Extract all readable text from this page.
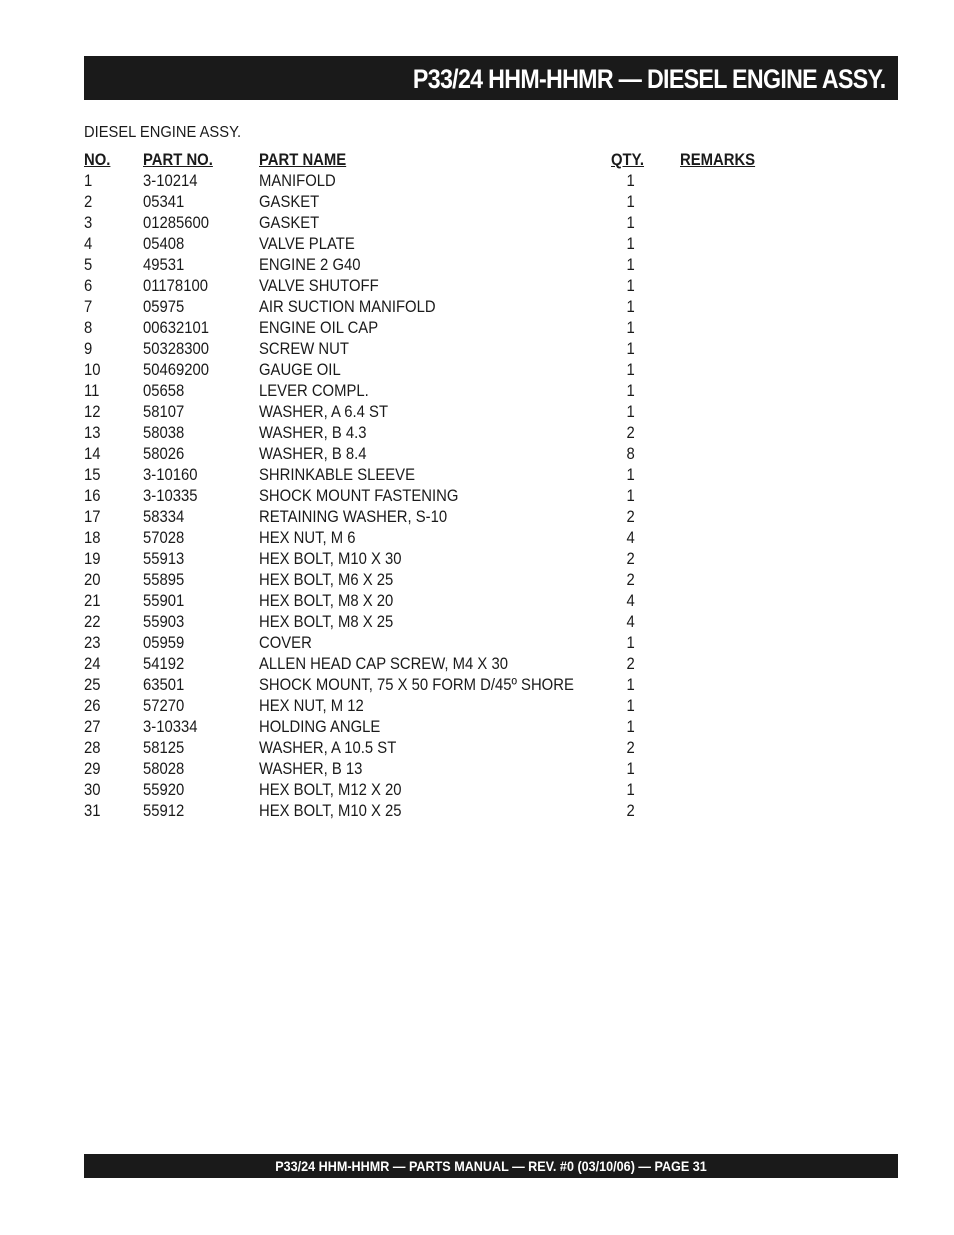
P33/24 HHM-HHMR — DIESEL ENGINE ASSY.
DIESEL ENGINE ASSY.
NO. PART NO.	PART NAME	QTY. REMARKS
1	3-10214	MANIFOLD	1
2	05341	GASKET	1
3	01285600	GASKET	1
4	05408	VALVE PLATE	1
5	49531	ENGINE 2 G40	1
6	01178100	VALVE SHUTOFF	1
7	05975	AIR SUCTION MANIFOLD	1
8	00632101	ENGINE OIL CAP	1
9	50328300	SCREW NUT	1
10	50469200	GAUGE OIL	1
11	05658	LEVER COMPL.	1
12	58107	WASHER, A 6.4 ST	1
13	58038	WASHER, B 4.3	2
14	58026	WASHER, B 8.4	8
15	3-10160	SHRINKABLE SLEEVE	1
16	3-10335	SHOCK MOUNT FASTENING	1
17	58334	RETAINING WASHER, S-10	2
18	57028	HEX NUT, M 6	4
19	55913	HEX BOLT, M10 X 30	2
20	55895	HEX BOLT, M6 X 25	2
21	55901	HEX BOLT, M8 X 20	4
22	55903	HEX BOLT, M8 X 25	4
23	05959	COVER	1
24	54192	ALLEN HEAD CAP SCREW, M4 X 30	2
25	63501	SHOCK MOUNT, 75 X 50 FORM D/45º SHORE	1
26	57270	HEX NUT, M 12	1
27	3-10334	HOLDING ANGLE	1
28	58125	WASHER, A 10.5 ST	2
29	58028	WASHER, B 13	1
30	55920	HEX BOLT, M12 X 20	1
31	55912	HEX BOLT, M10 X 25	2
P33/24 HHM-HHMR — PARTS MANUAL — REV. #0 (03/10/06) — PAGE 31
